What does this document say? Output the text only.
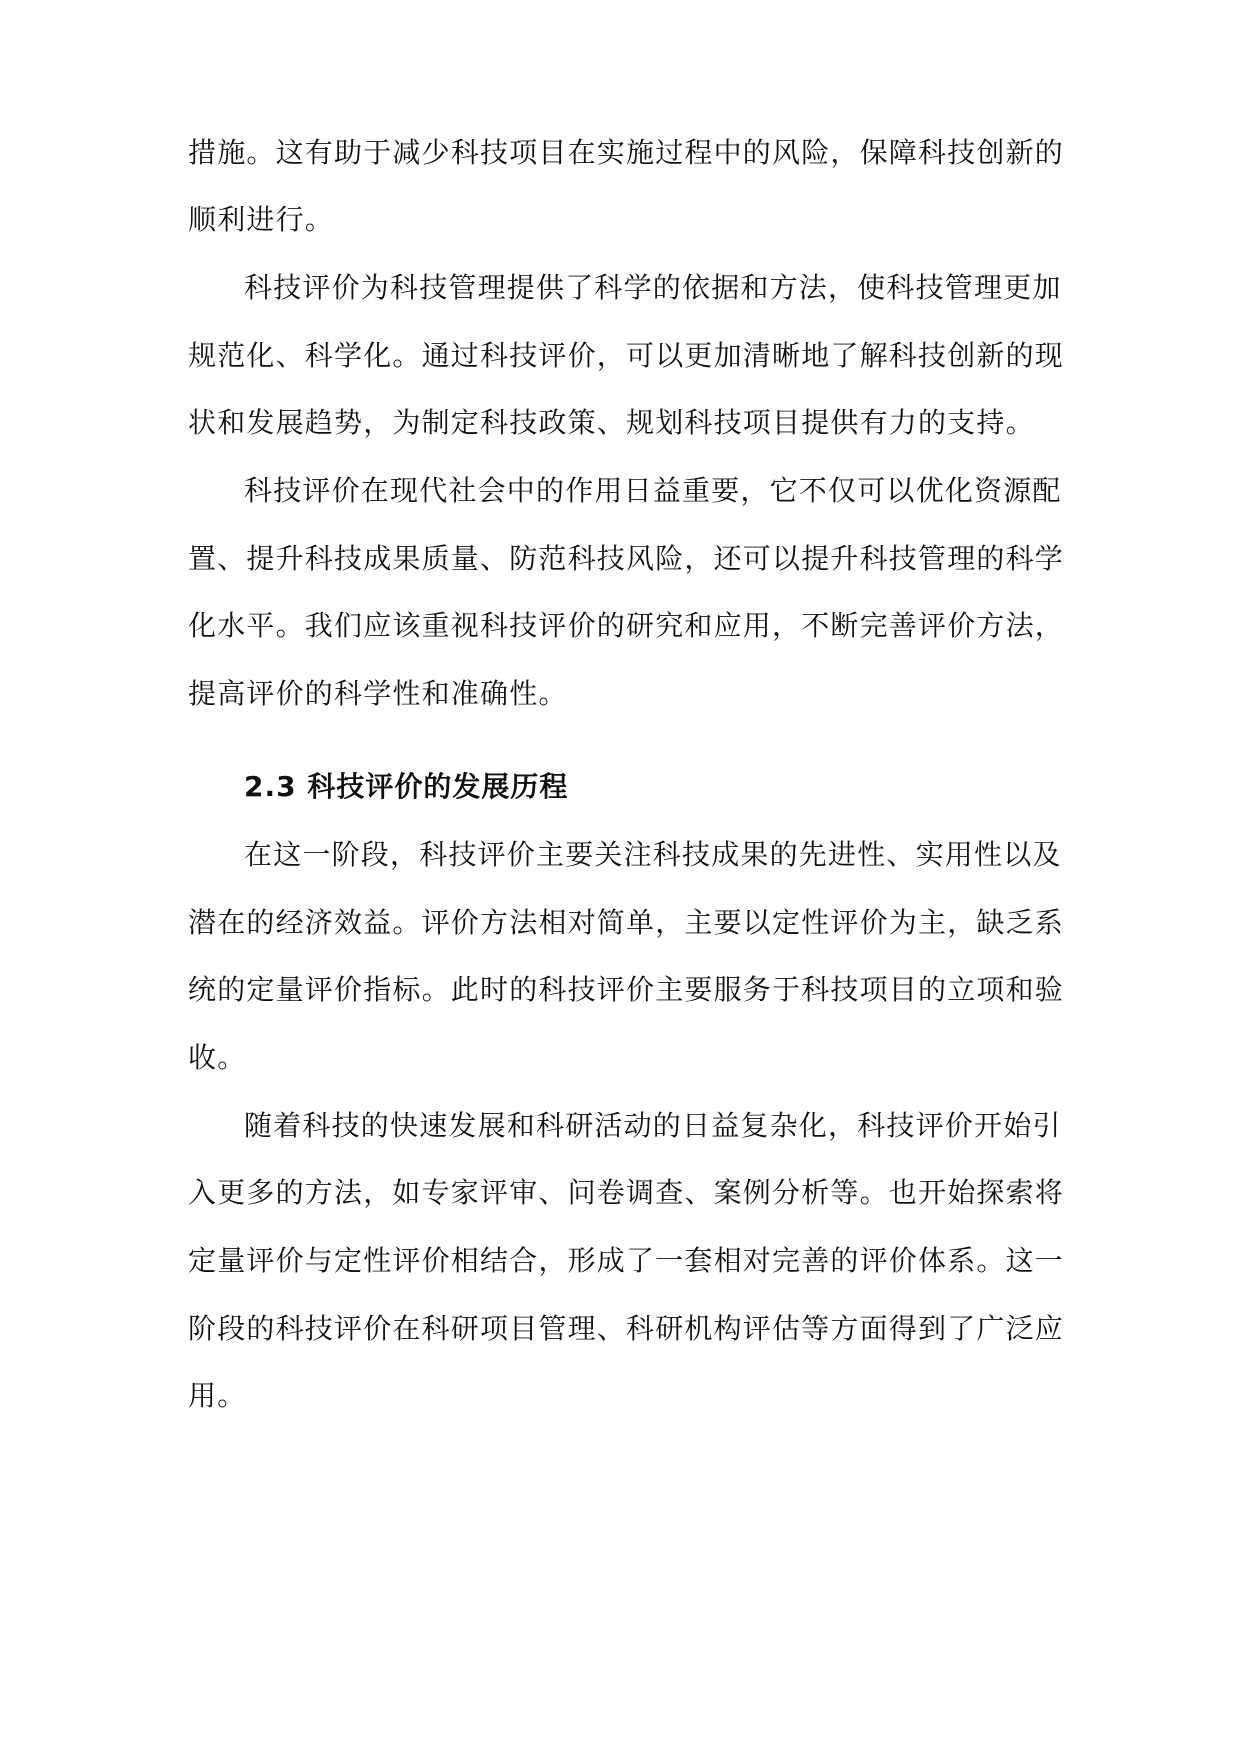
措施。这有助于减少科技项目在实施过程中的风险，保障科技创新的
顺利进行。
科技评价为科技管理提供了科学的依据和方法，使科技管理更加
规范化、科学化。通过科技评价，可以更加清晰地了解科技创新的现
状和发展趋势，为制定科技政策、规划科技项目提供有力的支持。
科技评价在现代社会中的作用日益重要，它不仅可以优化资源配
置、提升科技成果质量、防范科技风险，还可以提升科技管理的科学
化水平。我们应该重视科技评价的研究和应用，不断完善评价方法，
提高评价的科学性和准确性。
2.3 科技评价的发展历程
在这一阶段，科技评价主要关注科技成果的先进性、实用性以及
潜在的经济效益。评价方法相对简单，主要以定性评价为主，缺乏系
统的定量评价指标。此时的科技评价主要服务于科技项目的立项和验
收。
随着科技的快速发展和科研活动的日益复杂化，科技评价开始引
入更多的方法，如专家评审、问卷调查、案例分析等。也开始探索将
定量评价与定性评价相结合，形成了一套相对完善的评价体系。这一
阶段的科技评价在科研项目管理、科研机构评估等方面得到了广泛应
用。
